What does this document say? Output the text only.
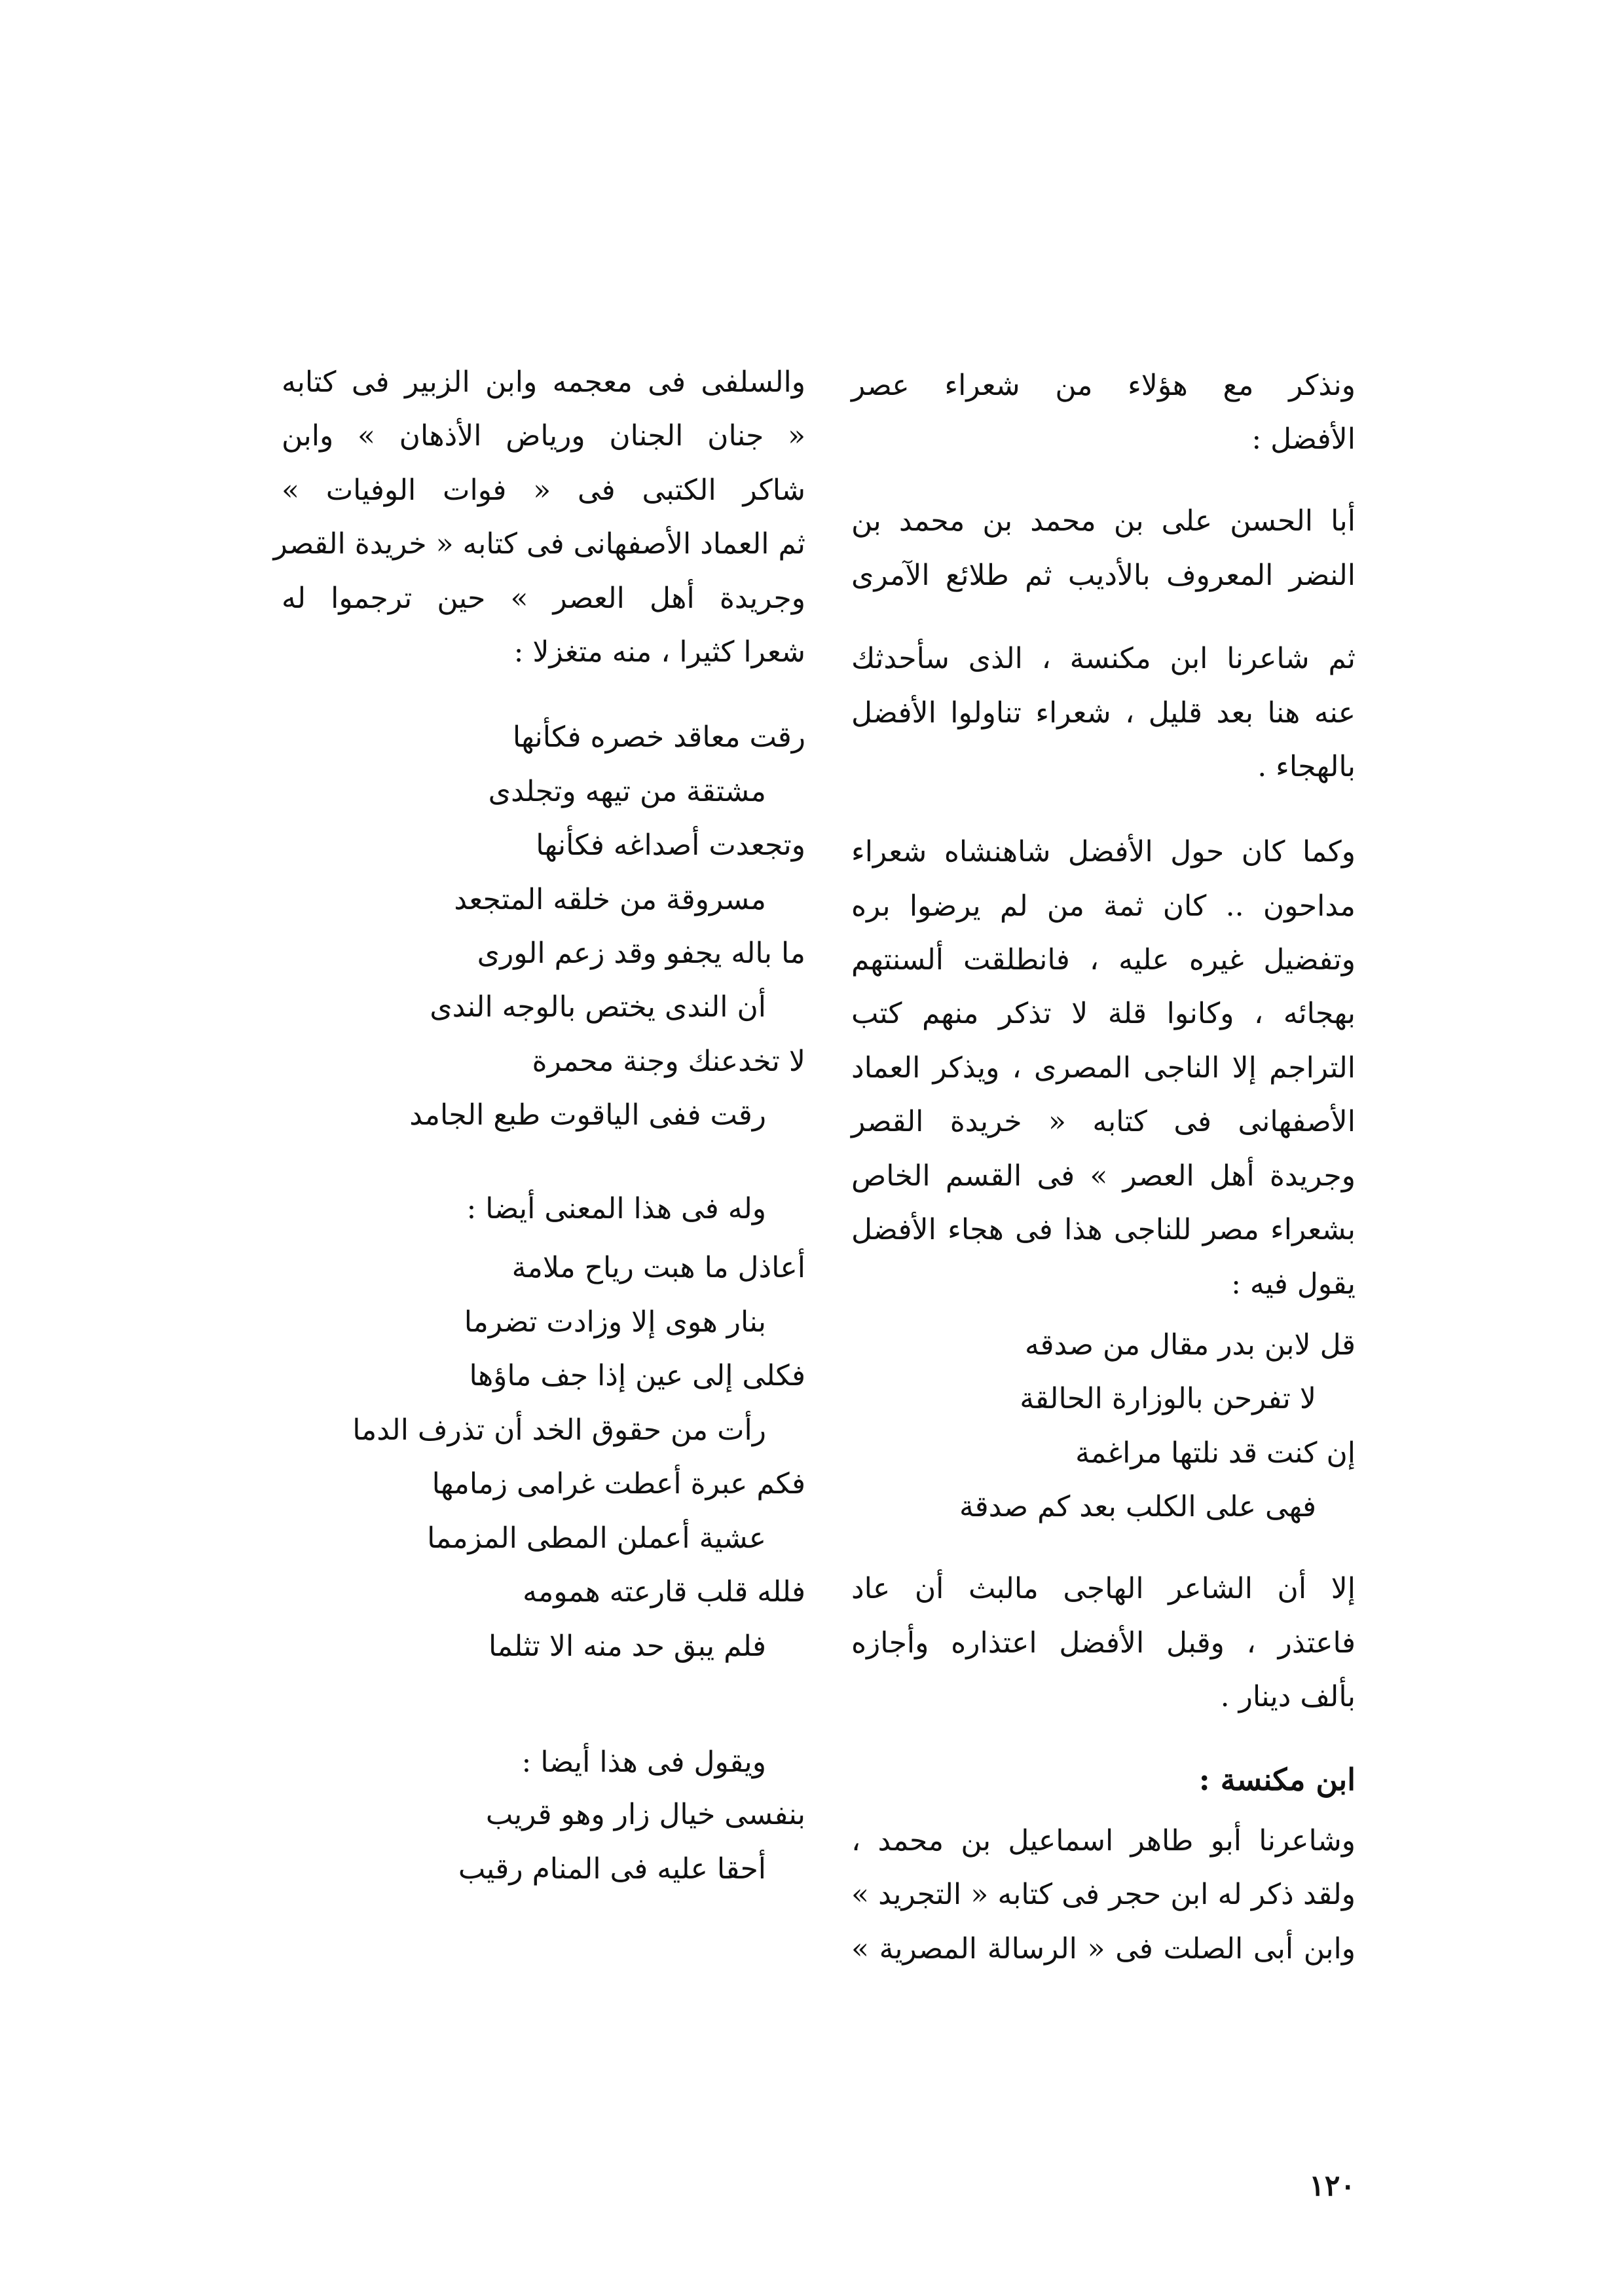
ونذكر مع هؤلاء من شعراء عصر
الأفضل :
أبا الحسن على بن محمد بن محمد بن
النضر المعروف بالأديب ثم طلائع الآمرى
ثم شاعرنا ابن مكنسة ، الذى سأحدثك
عنه هنا بعد قليل ، شعراء تناولوا الأفضل
بالهجاء .
وكما كان حول الأفضل شاهنشاه شعراء
مداحون .. كان ثمة من لم يرضوا بره
وتفضيل غيره عليه ، فانطلقت ألسنتهم
بهجائه ، وكانوا قلة لا تذكر منهم كتب
التراجم إلا الناجى المصرى ، ويذكر العماد
الأصفهانى فى كتابه « خريدة القصر
وجريدة أهل العصر » فى القسم الخاص
بشعراء مصر للناجى هذا فى هجاء الأفضل
يقول فيه :
قل لابن بدر مقال من صدقه
لا تفرحن بالوزارة الحالقة
إن كنت قد نلتها مراغمة
فهى على الكلب بعد كم صدقة
إلا أن الشاعر الهاجى مالبث أن عاد
فاعتذر ، وقبل الأفضل اعتذاره وأجازه
بألف دينار .
ابن مكنسة :
وشاعرنا أبو طاهر اسماعيل بن محمد ،
ولقد ذكر له ابن حجر فى كتابه « التجريد »
وابن أبى الصلت فى « الرسالة المصرية »
والسلفى فى معجمه وابن الزبير فى كتابه
« جنان الجنان ورياض الأذهان » وابن
شاكر الكتبى فى « فوات الوفيات »
ثم العماد الأصفهانى فى كتابه « خريدة القصر
وجريدة أهل العصر » حين ترجموا له
شعرا كثيرا ، منه متغزلا :
رقت معاقد خصره فكأنها
مشتقة من تيهه وتجلدى
وتجعدت أصداغه فكأنها
مسروقة من خلقه المتجعد
ما باله يجفو وقد زعم الورى
أن الندى يختص بالوجه الندى
لا تخدعنك وجنة محمرة
رقت ففى الياقوت طبع الجامد
وله فى هذا المعنى أيضا :
أعاذل ما هبت رياح ملامة
بنار هوى إلا وزادت تضرما
فكلى إلى عين إذا جف ماؤها
رأت من حقوق الخد أن تذرف الدما
فكم عبرة أعطت غرامى زمامها
عشية أعملن المطى المزمما
فلله قلب قارعته همومه
فلم يبق حد منه الا تثلما
ويقول فى هذا أيضا :
بنفسى خيال زار وهو قريب
أحقا عليه فى المنام رقيب
١٢٠
